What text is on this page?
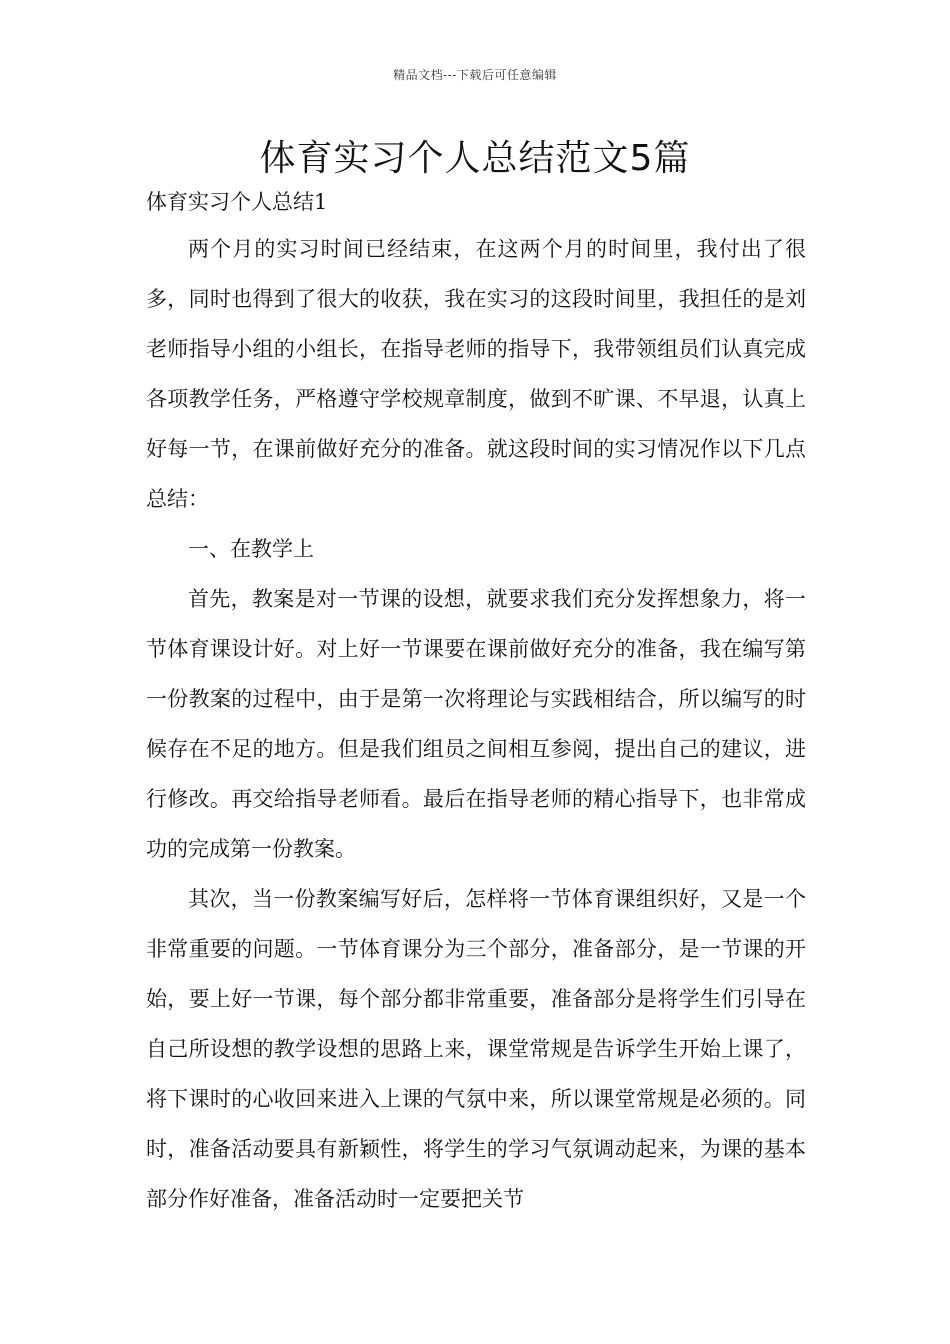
精品文档---下载后可任意编辑
体育实习个人总结范文5篇
体育实习个人总结1

两个月的实习时间已经结束，在这两个月的时间里，我付出了很多，同时也得到了很大的收获，我在实习的这段时间里，我担任的是刘老师指导小组的小组长，在指导老师的指导下，我带领组员们认真完成各项教学任务，严格遵守学校规章制度，做到不旷课、不早退，认真上好每一节，在课前做好充分的准备。就这段时间的实习情况作以下几点总结：

一、在教学上

首先，教案是对一节课的设想，就要求我们充分发挥想象力，将一节体育课设计好。对上好一节课要在课前做好充分的准备，我在编写第一份教案的过程中，由于是第一次将理论与实践相结合，所以编写的时候存在不足的地方。但是我们组员之间相互参阅，提出自己的建议，进行修改。再交给指导老师看。最后在指导老师的精心指导下，也非常成功的完成第一份教案。

其次，当一份教案编写好后，怎样将一节体育课组织好，又是一个非常重要的问题。一节体育课分为三个部分，准备部分，是一节课的开始，要上好一节课，每个部分都非常重要，准备部分是将学生们引导在自己所设想的教学设想的思路上来，课堂常规是告诉学生开始上课了，将下课时的心收回来进入上课的气氛中来，所以课堂常规是必须的。同时，准备活动要具有新颖性，将学生的学习气氛调动起来，为课的基本部分作好准备，准备活动时一定要把关节
